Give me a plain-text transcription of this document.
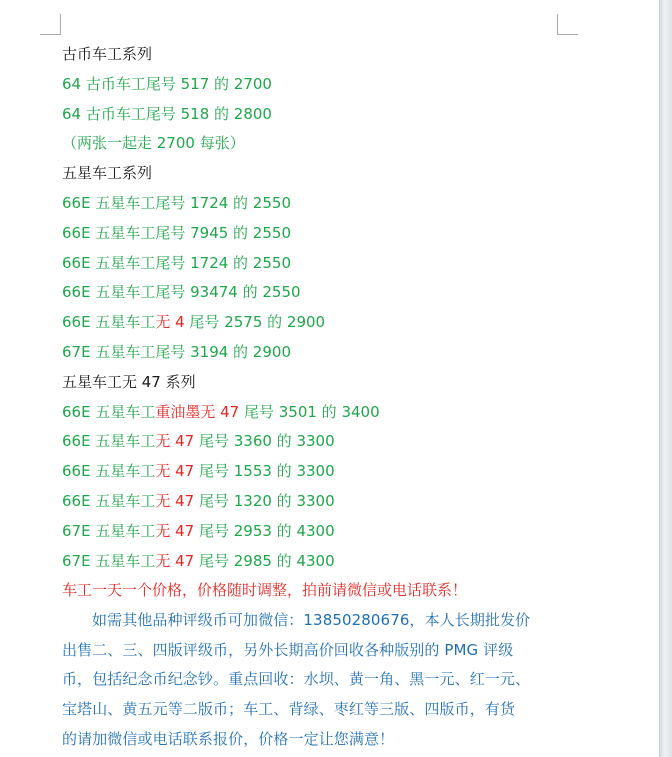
古币车工系列
64 古币车工尾号 517 的 2700
64 古币车工尾号 518 的 2800
（两张一起走 2700 每张）
五星车工系列
66E 五星车工尾号 1724 的 2550
66E 五星车工尾号 7945 的 2550
66E 五星车工尾号 1724 的 2550
66E 五星车工尾号 93474 的 2550
66E 五星车工无 4 尾号 2575 的 2900
67E 五星车工尾号 3194 的 2900
五星车工无 47 系列
66E 五星车工重油墨无 47 尾号 3501 的 3400
66E 五星车工无 47 尾号 3360 的 3300
66E 五星车工无 47 尾号 1553 的 3300
66E 五星车工无 47 尾号 1320 的 3300
67E 五星车工无 47 尾号 2953 的 4300
67E 五星车工无 47 尾号 2985 的 4300
车工一天一个价格，价格随时调整，拍前请微信或电话联系！
如需其他品种评级币可加微信：13850280676，本人长期批发价
出售二、三、四版评级币，另外长期高价回收各种版别的 PMG 评级
币，包括纪念币纪念钞。重点回收：水坝、黄一角、黑一元、红一元、
宝塔山、黄五元等二版币；车工、背绿、枣红等三版、四版币，有货
的请加微信或电话联系报价，价格一定让您满意！
